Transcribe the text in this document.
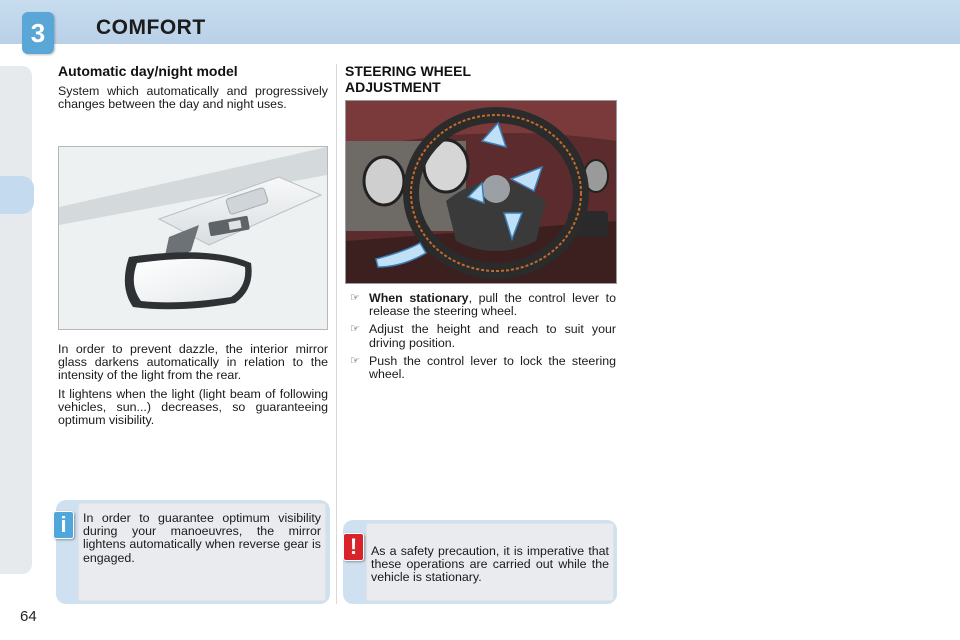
3	COMFORT
Automatic day/night model

System which automatically and progressively changes between the day and night uses.

In order to prevent dazzle, the interior mirror glass darkens automatically in relation to the intensity of the light from the rear.

It lightens when the light (light beam of following vehicles, sun...) decreases, so guaranteeing optimum visibility.

i	In order to guarantee optimum visibility during your manoeuvres, the mirror lightens automatically when reverse gear is engaged.
STEERING WHEEL ADJUSTMENT
☞ When stationary, pull the control lever to release the steering wheel.
☞ Adjust the height and reach to suit your driving position.
☞ Push the control lever to lock the steering wheel.
!	As a safety precaution, it is imperative that these operations are carried out while the vehicle is stationary.
64
